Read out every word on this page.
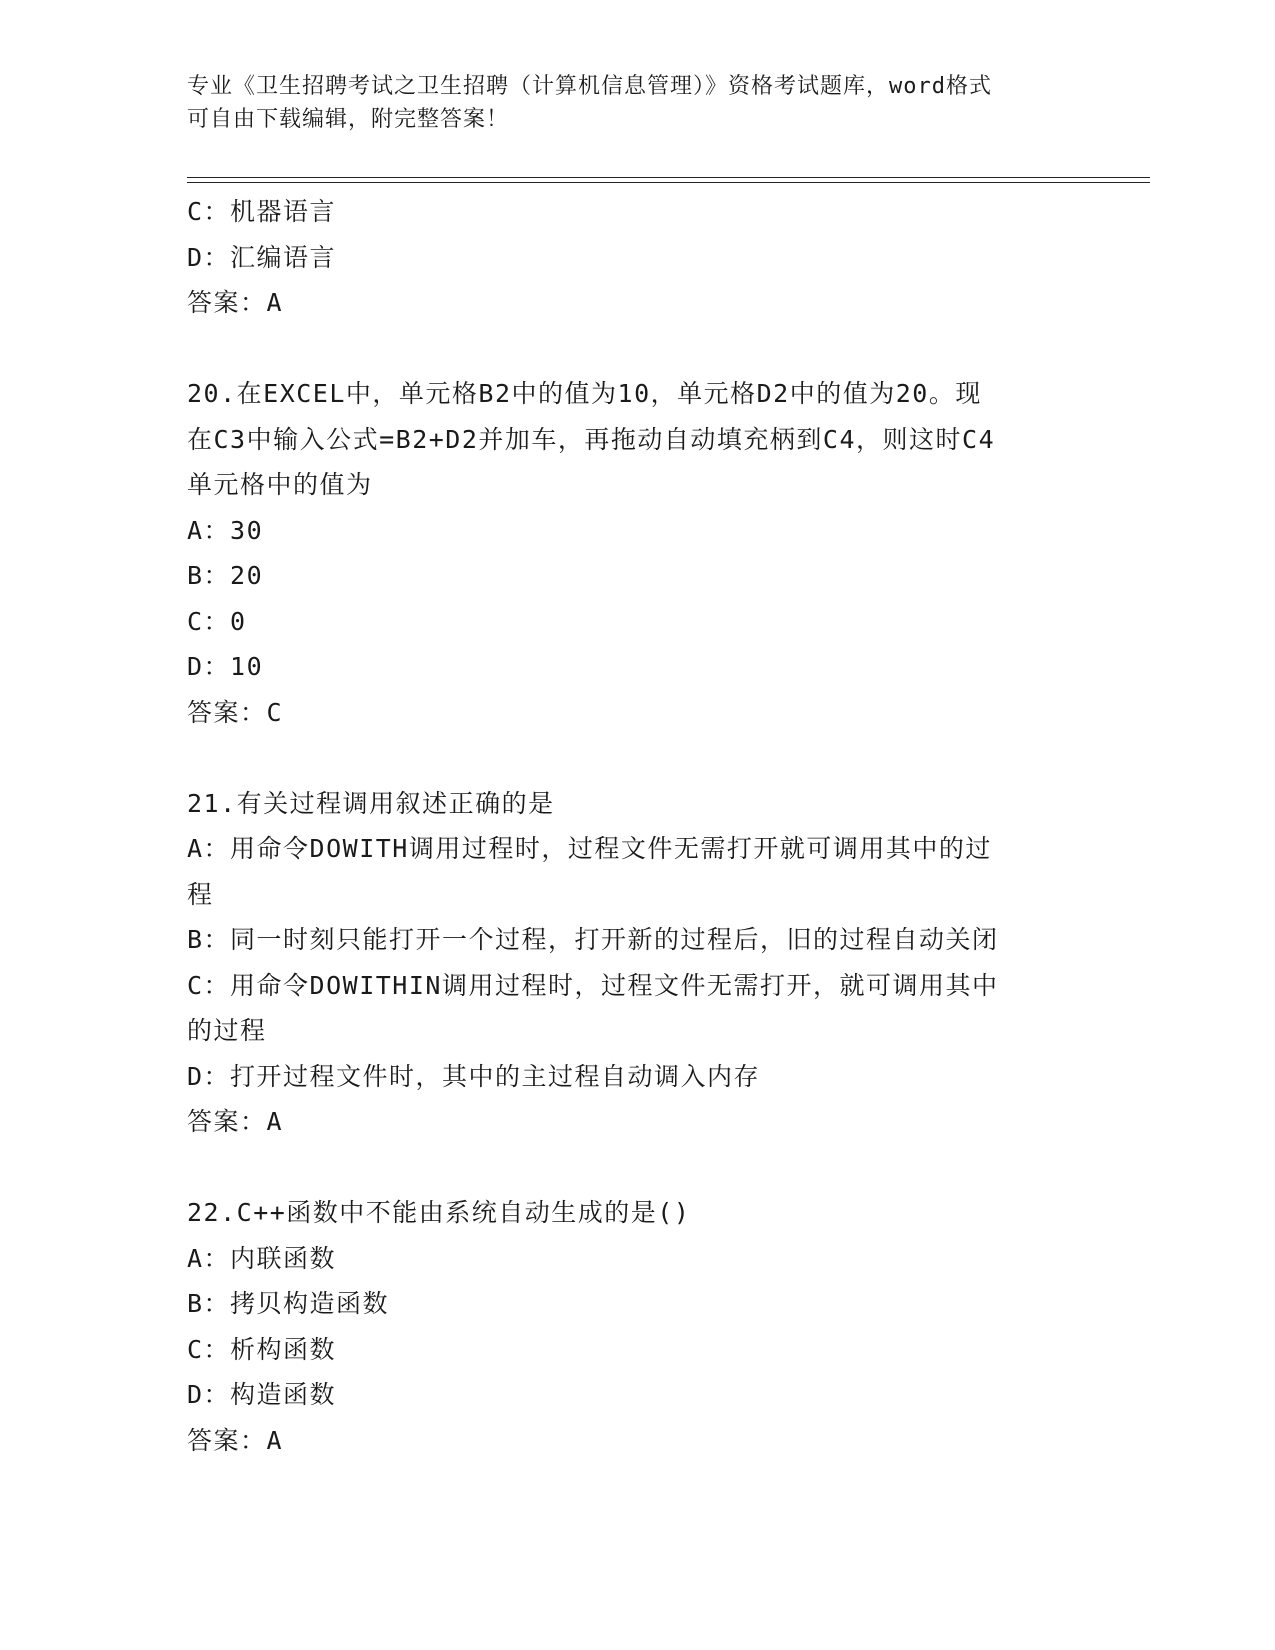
专业《卫生招聘考试之卫生招聘（计算机信息管理）》资格考试题库，word格式
可自由下载编辑，附完整答案！
C：机器语言
D：汇编语言
答案：A
20.在EXCEL中，单元格B2中的值为10，单元格D2中的值为20。现
在C3中输入公式=B2+D2并加车，再拖动自动填充柄到C4，则这时C4
单元格中的值为
A：30
B：20
C：0
D：10
答案：C
21.有关过程调用叙述正确的是
A：用命令DOWITH调用过程时，过程文件无需打开就可调用其中的过
程
B：同一时刻只能打开一个过程，打开新的过程后，旧的过程自动关闭
C：用命令DOWITHIN调用过程时，过程文件无需打开，就可调用其中
的过程
D：打开过程文件时，其中的主过程自动调入内存
答案：A
22.C++函数中不能由系统自动生成的是()
A：内联函数
B：拷贝构造函数
C：析构函数
D：构造函数
答案：A
